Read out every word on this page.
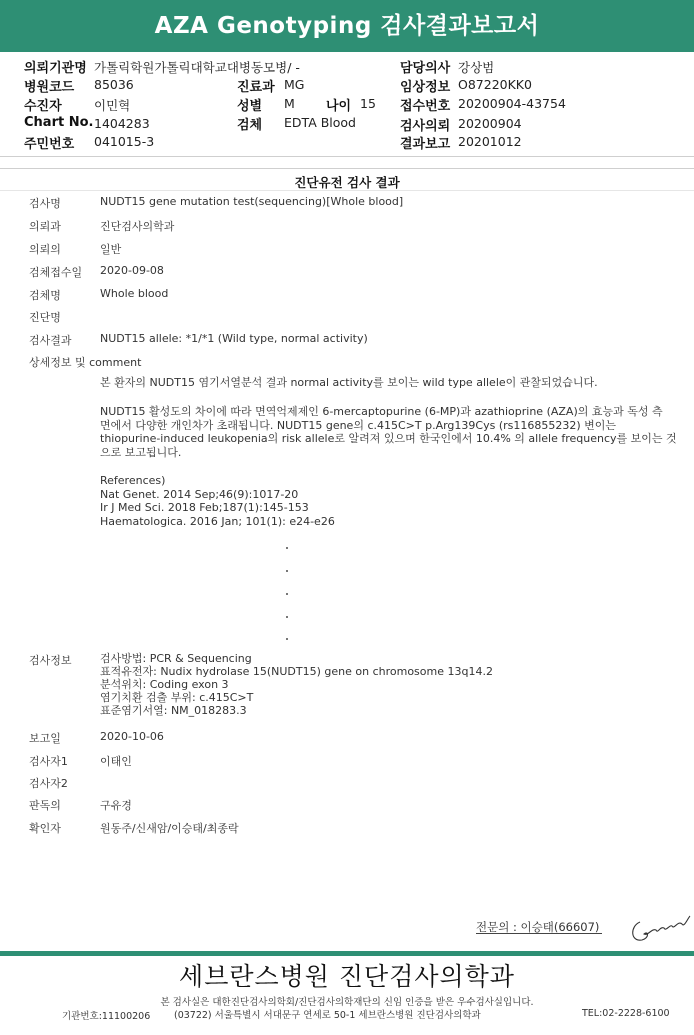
AZA Genotyping 검사결과보고서
의뢰기관명 가톨릭학원가톨릭대학교대병동모병/ -	담당의사 강상범
병원코드 85036	진료과 MG	임상정보 O87220KK0
수진자	이민혁	성별 M 나이 15 접수번호 20200904-43754
Chart No. 1404283	검체 EDTA Blood	검사의뢰 20200904
주민번호 041015-3	결과보고 20201012
진단유전 검사 결과
검사명	NUDT15 gene mutation test(sequencing)[Whole blood]
의뢰과	진단검사의학과
의뢰의	일반
검체접수일 2020-09-08
검체명	Whole blood
진단명
검사결과	NUDT15 allele: *1/*1 (Wild type, normal activity)
상세정보 및 comment
본 환자의 NUDT15 염기서열분석 결과 normal activity를 보이는 wild type allele이 관찰되었습니다.
NUDT15 활성도의 차이에 따라 면역억제제인 6-mercaptopurine (6-MP)과 azathioprine (AZA)의 효능과 독성 측
면에서 다양한 개인차가 초래됩니다. NUDT15 gene의 c.415C>T p.Arg139Cys (rs116855232) 변이는
thiopurine-induced leukopenia의 risk allele로 알려져 있으며 한국인에서 10.4% 의 allele frequency를 보이는 것
으로 보고됩니다.
References)
Nat Genet. 2014 Sep;46(9):1017-20
Ir J Med Sci. 2018 Feb;187(1):145-153
Haematologica. 2016 Jan; 101(1): e24-e26
검사정보	검사방법: PCR & Sequencing
표적유전자: Nudix hydrolase 15(NUDT15) gene on chromosome 13q14.2
분석위치: Coding exon 3
염기치환 검출 부위: c.415C>T
표준염기서열: NM_018283.3
보고일	2020-10-06
검사자1	이태인
검사자2
판독의	구유경
확인자	원동주/신새암/이승태/최종락
전문의 : 이승태(66607)
세브란스병원 진단검사의학과
본 검사실은 대한진단검사의학회/진단검사의학재단의 신임 인증을 받은 우수검사실입니다.
기관번호:11100206 (03722) 서울특별시 서대문구 연세로 50-1 세브란스병원 진단검사의학과	TEL:02-2228-6100
